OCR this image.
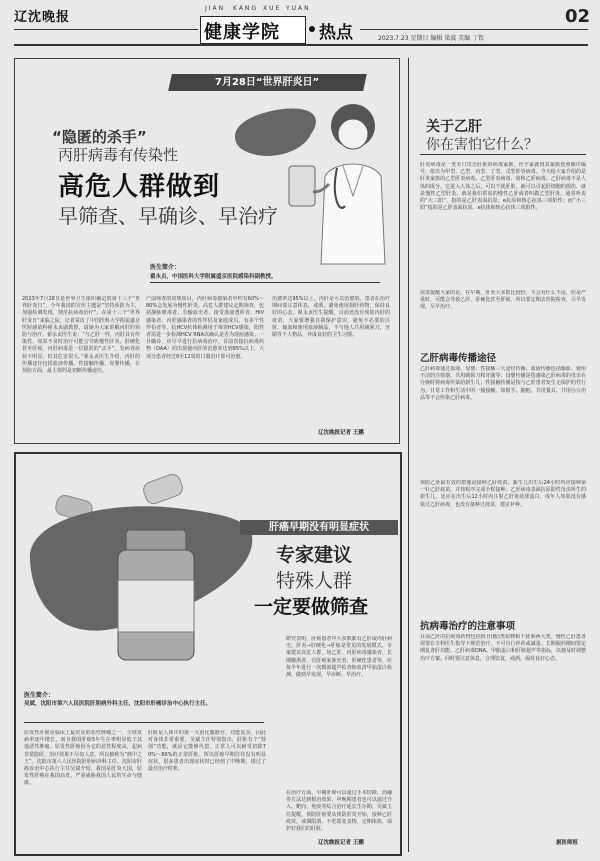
辽沈晚报
JIAN KANG XUE YUAN	02
健康学院 热点	2023.7.23 星期日 编辑 梁波 美编 丁钦
7月28日“世界肝炎日”
“隐匿的杀手”
丙肝病毒有传染性
高危人群做到
早筛查、早确诊、早治疗
医生简介：
翟永贞，中国医科大学附属盛京医院感染科副教授。
2023年7月28日是世界卫生组织确定的第十三个“世界肝炎日”，今年我国的宣传主题是“坚持预防为主，加强检测发现，规范抗病毒治疗”。在第十三个“世界肝炎日”来临之际，记者采访了中国医科大学附属盛京医院感染科翟永贞副教授，请她为大家讲解丙肝的预防与治疗。翟永贞医生说：“与乙肝一样，丙肝具有传染性，如果不及时治疗可能会导致慢性肝炎、肝硬化甚至肝癌。丙肝病毒是一位隐匿的“杀手”，发病者症状不明显，但其危害很大。”翟永贞医生介绍，丙肝的传播途径包括血液传播、性接触传播、母婴传播，在预防方面，最主要的是切断传播途径。
产前筛查的常规项目，丙肝病毒感染者中约有60%～80%会发展为慢性肝炎。高危人群建议定期筛查，包括静脉吸毒者、有输血史者、接受血液透析者、HIV感染者、丙肝感染者的性伴侣及家庭成员、有多个性伴侣者等。抗HCV抗体检测用于筛查HCV感染，阳性者需进一步检测HCV RNA以确认是否为现症感染。一旦确诊，应尽早进行抗病毒治疗。目前直接抗病毒药物（DAA）的出现使丙肝的治愈率达到95%以上，大部分患者经过8至12周的口服治疗即可治愈。
治愈率达95%以上，丙肝是可以治愈的。患者在治疗期间要注意休息，戒酒，避免使用损肝药物，保持良好的心态。翟永贞医生提醒，目前还没有预防丙肝的疫苗，大家要增强自我保护意识，避免不必要的注射、输血和使用血液制品，不与他人共用剃须刀、牙刷等个人物品，养成良好的卫生习惯。
辽沈晚报记者 王鹏
肝癌早期没有明显症状
专家建议
特殊人群
一定要做筛查
医生简介：
吴斌，沈阳市第六人民医院肝胆病外科主任，沈阳市肝癌诊治中心执行主任。
研究表明，肝癌患者中大多数都有乙肝或丙肝病史，肝炎→肝硬化→肝癌是常见的发展模式。专家建议高危人群，如乙肝、丙肝病毒感染者，长期酗酒者，有肝癌家族史者，肝硬化患者等，应每半年进行一次腹部超声检查和血清甲胎蛋白检测，做到早发现、早诊断、早治疗。
原发性肝癌是临床上最常见的恶性肿瘤之一，全球发病率逐年增长，而且我国肝癌5年生存率明显低于其他恶性肿瘤。原发性肝癌因为它的恶性程度高，起病非常隐匿，治疗效果不尽如人意，所以被称为“癌中之王”。沈阳市第六人民医院肝胆病外科主任、沈阳市肝癌诊治中心执行主任吴斌介绍，我国是肝炎大国，原发性肝癌在我国高发，严重威胁我国人民的生命与健康。
肝脏是人体中的第一大消化腺器官，功能复杂，因此对身体非常重要。吴斌主任特别指出，肝脏有个“特别”功能，就是它能够代偿，正常人可以耐受切除70%～80%的正常肝脏。所以肝癌早期往往没有明显症状，很多患者出现症状时已经到了中晚期，错过了最佳治疗时机。
在治疗方面，早期肝癌可以通过手术切除、消融等方法达到根治效果，中晚期患者也可以通过介入、靶向、免疫等综合治疗延长生存期。吴斌主任提醒，预防肝癌要从预防肝炎开始，接种乙肝疫苗，戒烟限酒，不吃霉变食物，定期体检，保护好我们的肝脏。
辽沈晚报记者 王鹏
关于乙肝
你在害怕它什么？
肝炎病毒是一类专门攻击肝脏的病毒家族，医学家就将其家族按照顺序编号，依次为甲型、乙型、丙型、丁型、戊型肝炎病毒。今天给大家介绍的是肝炎家族的乙型肝炎病毒。乙型肝炎病毒，简称乙肝病毒。乙肝病毒不是人体的成分，它进入人体之后，可以干扰肝脏，就可以引起肝细胞的损伤，就是慢性乙型肝炎。就是我们常说的慢性乙肝或者叫做乙型肝炎。通常听说的“大三阳”，指的是乙肝表面抗原、e抗原和核心抗体三项阳性；而“小三阳”指的是乙肝表面抗原、e抗体和核心抗体三项阳性。
需要提醒大家的是，在早期，肝炎大多数比较轻，不会有什么不适，但是严重时，可能会导致乙肝、肝硬化甚至肝癌。所以要定期去医院检查，尽早发现、尽早治疗。
乙肝病毒传播途径
乙肝病毒通过血液、母婴、性接触三大途径传播。血液传播包括输血、使用不洁的注射器、共用剃须刀和牙刷等；母婴传播是指感染乙肝病毒的母亲在分娩时将病毒传染给新生儿；性接触传播是指与乙肝患者发生无保护的性行为。日常工作和生活中的一般接触，如握手、拥抱、共用餐具、共用办公用品等不会传染乙肝病毒。
预防乙肝最有效的措施是接种乙肝疫苗。新生儿出生后24小时内应接种第一针乙肝疫苗，并按程序完成全程接种。乙肝病毒表面抗原阳性母亲所生的新生儿，还应在出生后12小时内注射乙肝免疫球蛋白。成年人如果没有感染过乙肝病毒，也没有接种过疫苗，建议补种。
抗病毒治疗的注意事项
目前乙肝的抗病毒药物包括核苷(酸)类似物和干扰素两大类。慢性乙肝患者需要在专科医生指导下规范治疗，不可自行停药或减量。长期服药期间要定期复查肝功能、乙肝病毒DNA、甲胎蛋白和肝脏超声等指标，以便及时调整治疗方案。同时要注意休息，合理饮食，戒酒，保持良好心态。
据医师报
